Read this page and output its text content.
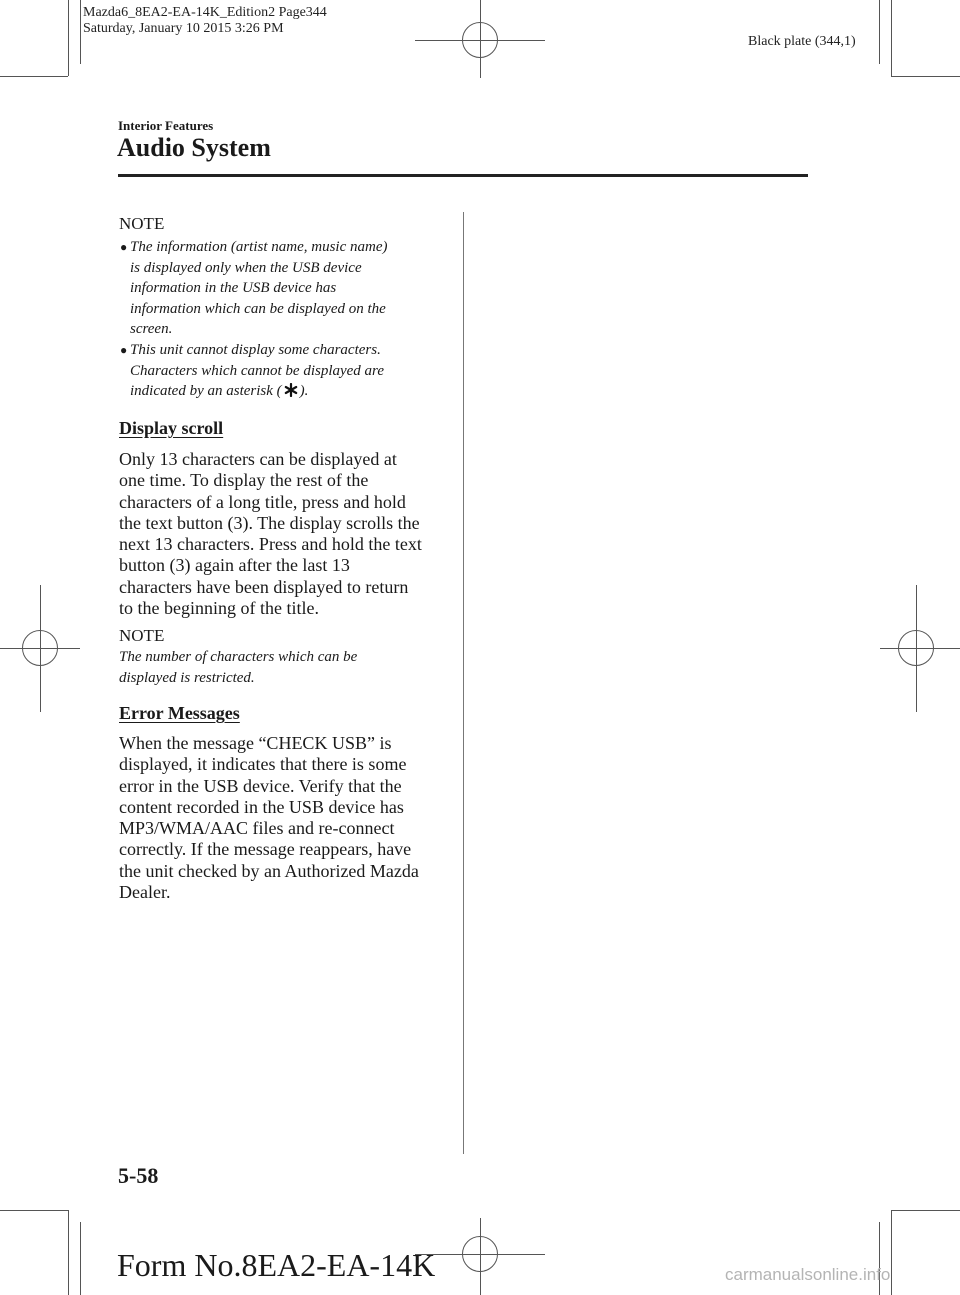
Mazda6_8EA2-EA-14K_Edition2 Page344
Saturday, January 10 2015 3:26 PM
Black plate (344,1)
Interior Features
Audio System
NOTE
● The information (artist name, music name)
is displayed only when the USB device
information in the USB device has
information which can be displayed on the
screen.
● This unit cannot display some characters.
Characters which cannot be displayed are
indicated by an asterisk ( ).
Display scroll
Only 13 characters can be displayed at
one time. To display the rest of the
characters of a long title, press and hold
the text button (3). The display scrolls the
next 13 characters. Press and hold the text
button (3) again after the last 13
characters have been displayed to return
to the beginning of the title.
NOTE
The number of characters which can be
displayed is restricted.
Error Messages
When the message “CHECK USB” is
displayed, it indicates that there is some
error in the USB device. Verify that the
content recorded in the USB device has
MP3/WMA/AAC files and re-connect
correctly. If the message reappears, have
the unit checked by an Authorized Mazda
Dealer.
5-58
Form No.8EA2-EA-14K	carmanualsonline.info
